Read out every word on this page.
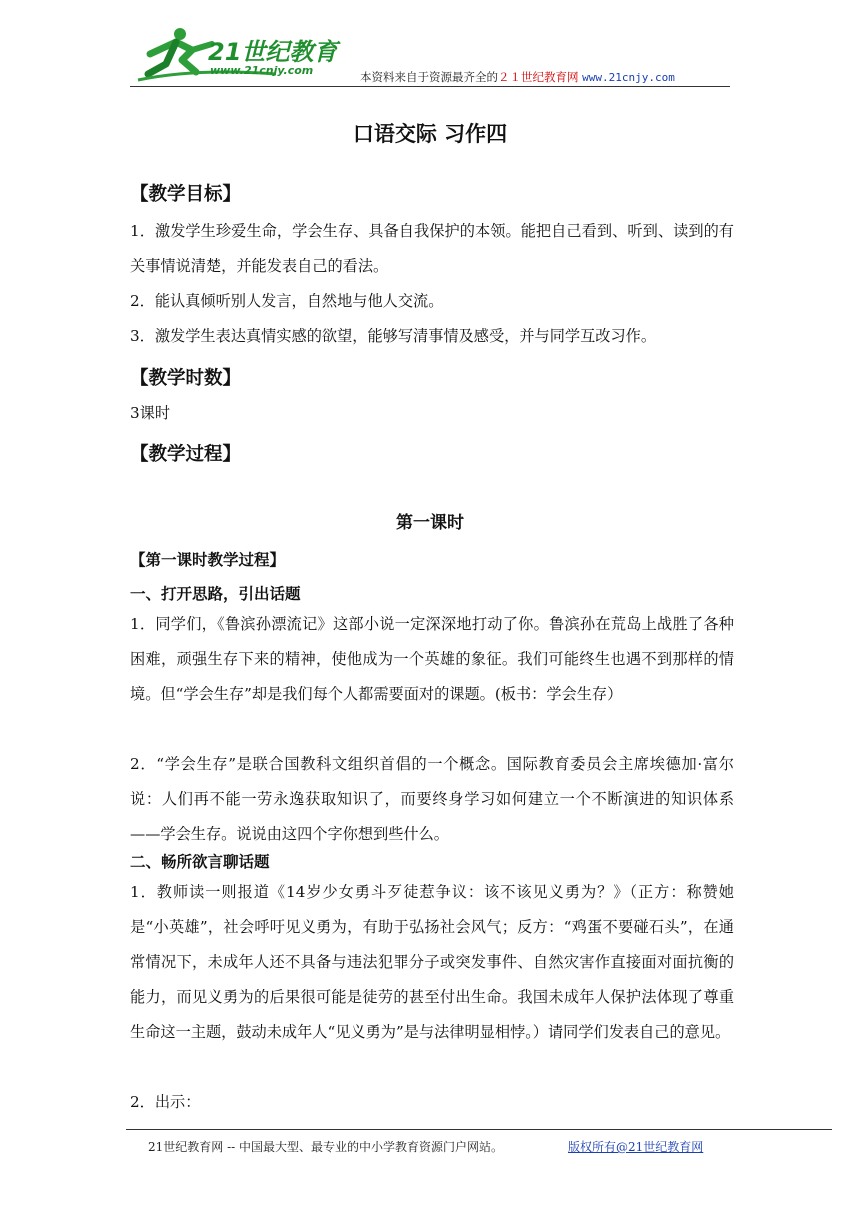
21世纪教育
www.21cnjy.com	本资料来自于资源最齐全的２１世纪教育网 www.21cnjy.com
口语交际 习作四
【教学目标】
1．激发学生珍爱生命，学会生存、具备自我保护的本领。能把自己看到、听到、读到的有关事情说清楚，并能发表自己的看法。
2．能认真倾听别人发言，自然地与他人交流。
3．激发学生表达真情实感的欲望，能够写清事情及感受，并与同学互改习作。
【教学时数】
3课时
【教学过程】
第一课时
【第一课时教学过程】
一、打开思路，引出话题
1．同学们，《鲁滨孙漂流记》这部小说一定深深地打动了你。鲁滨孙在荒岛上战胜了各种困难，顽强生存下来的精神，使他成为一个英雄的象征。我们可能终生也遇不到那样的情境。但“学会生存”却是我们每个人都需要面对的课题。(板书：学会生存）
2．“学会生存”是联合国教科文组织首倡的一个概念。国际教育委员会主席埃德加·富尔说：人们再不能一劳永逸获取知识了，而要终身学习如何建立一个不断演进的知识体系——学会生存。说说由这四个字你想到些什么。
二、畅所欲言聊话题
1．教师读一则报道《14岁少女勇斗歹徒惹争议：该不该见义勇为？》（正方：称赞她是“小英雄”，社会呼吁见义勇为，有助于弘扬社会风气；反方：“鸡蛋不要碰石头”，在通常情况下，未成年人还不具备与违法犯罪分子或突发事件、自然灾害作直接面对面抗衡的能力，而见义勇为的后果很可能是徒劳的甚至付出生命。我国未成年人保护法体现了尊重生命这一主题，鼓动未成年人“见义勇为”是与法律明显相悖。）请同学们发表自己的意见。
2．出示：
21世纪教育网 -- 中国最大型、最专业的中小学教育资源门户网站。	版权所有@21世纪教育网
